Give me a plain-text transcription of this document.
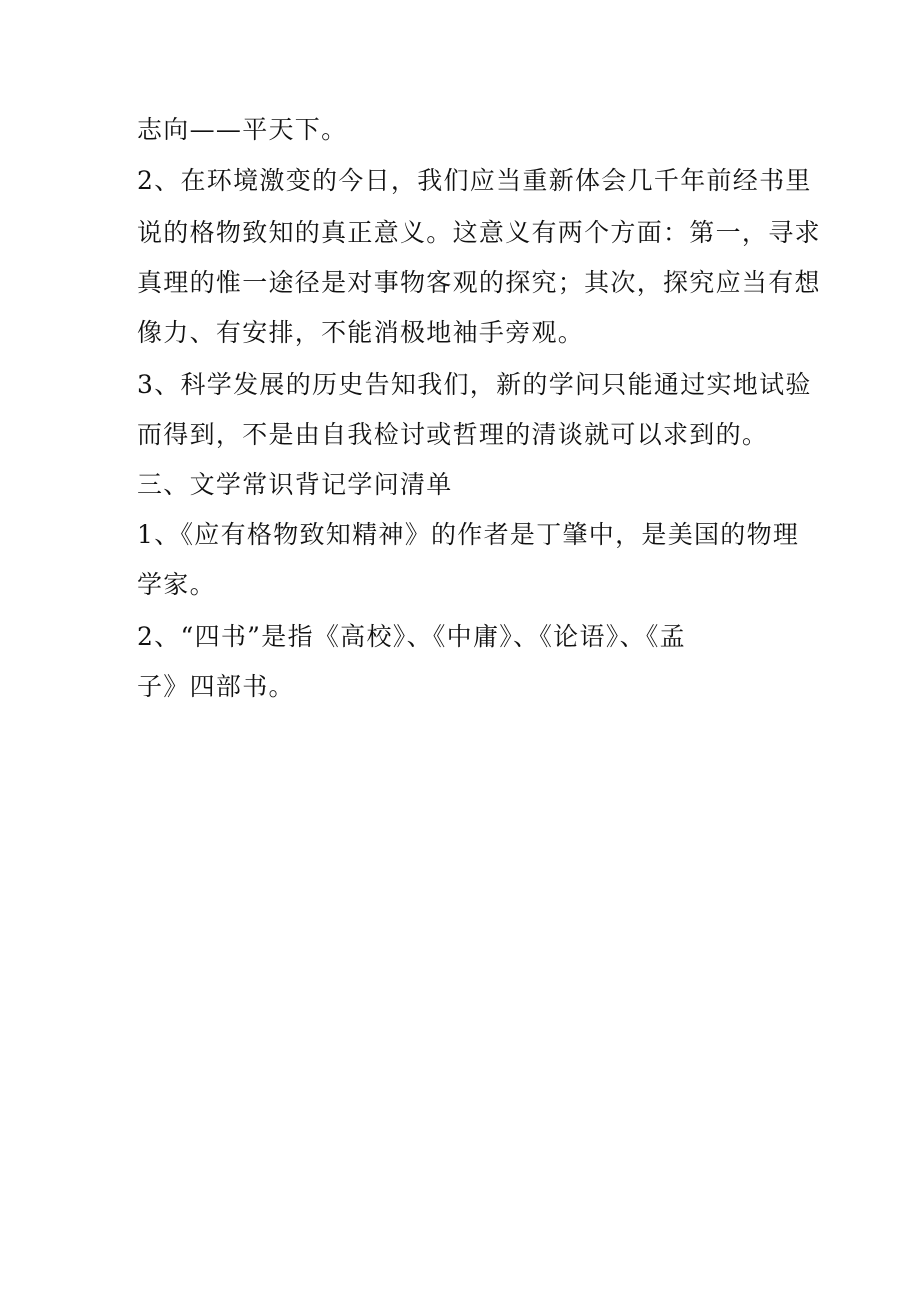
志向——平天下。
2、在环境激变的今日，我们应当重新体会几千年前经书里
说的格物致知的真正意义。这意义有两个方面：第一，寻求
真理的惟一途径是对事物客观的探究；其次，探究应当有想
像力、有安排，不能消极地袖手旁观。
3、科学发展的历史告知我们，新的学问只能通过实地试验
而得到，不是由自我检讨或哲理的清谈就可以求到的。
三、文学常识背记学问清单
1、《应有格物致知精神》的作者是丁肇中，是美国的物理
学家。
2、“四书”是指《高校》、《中庸》、《论语》、《孟
子》四部书。
